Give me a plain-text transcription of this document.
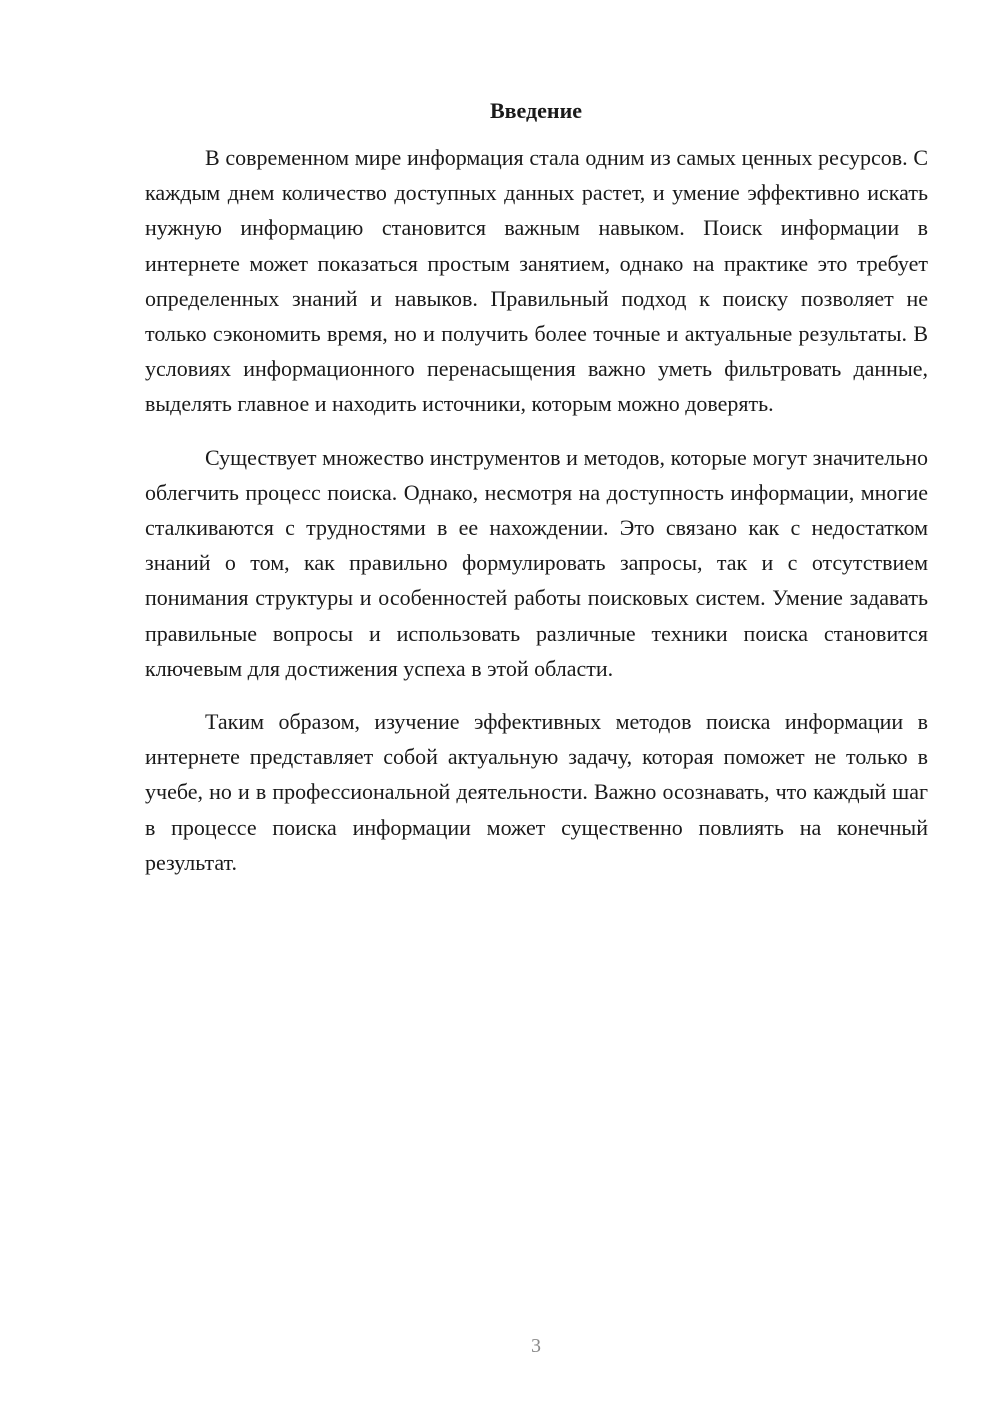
Введение

В современном мире информация стала одним из самых ценных ресурсов. С каждым днем количество доступных данных растет, и умение эффективно искать нужную информацию становится важным навыком. Поиск информации в интернете может показаться простым занятием, однако на практике это требует определенных знаний и навыков. Правильный подход к поиску позволяет не только сэкономить время, но и получить более точные и актуальные результаты. В условиях информационного перенасыщения важно уметь фильтровать данные, выделять главное и находить источники, которым можно доверять.

Существует множество инструментов и методов, которые могут значительно облегчить процесс поиска. Однако, несмотря на доступность информации, многие сталкиваются с трудностями в ее нахождении. Это связано как с недостатком знаний о том, как правильно формулировать запросы, так и с отсутствием понимания структуры и особенностей работы поисковых систем. Умение задавать правильные вопросы и использовать различные техники поиска становится ключевым для достижения успеха в этой области.

Таким образом, изучение эффективных методов поиска информации в интернете представляет собой актуальную задачу, которая поможет не только в учебе, но и в профессиональной деятельности. Важно осознавать, что каждый шаг в процессе поиска информации может существенно повлиять на конечный результат.

3
